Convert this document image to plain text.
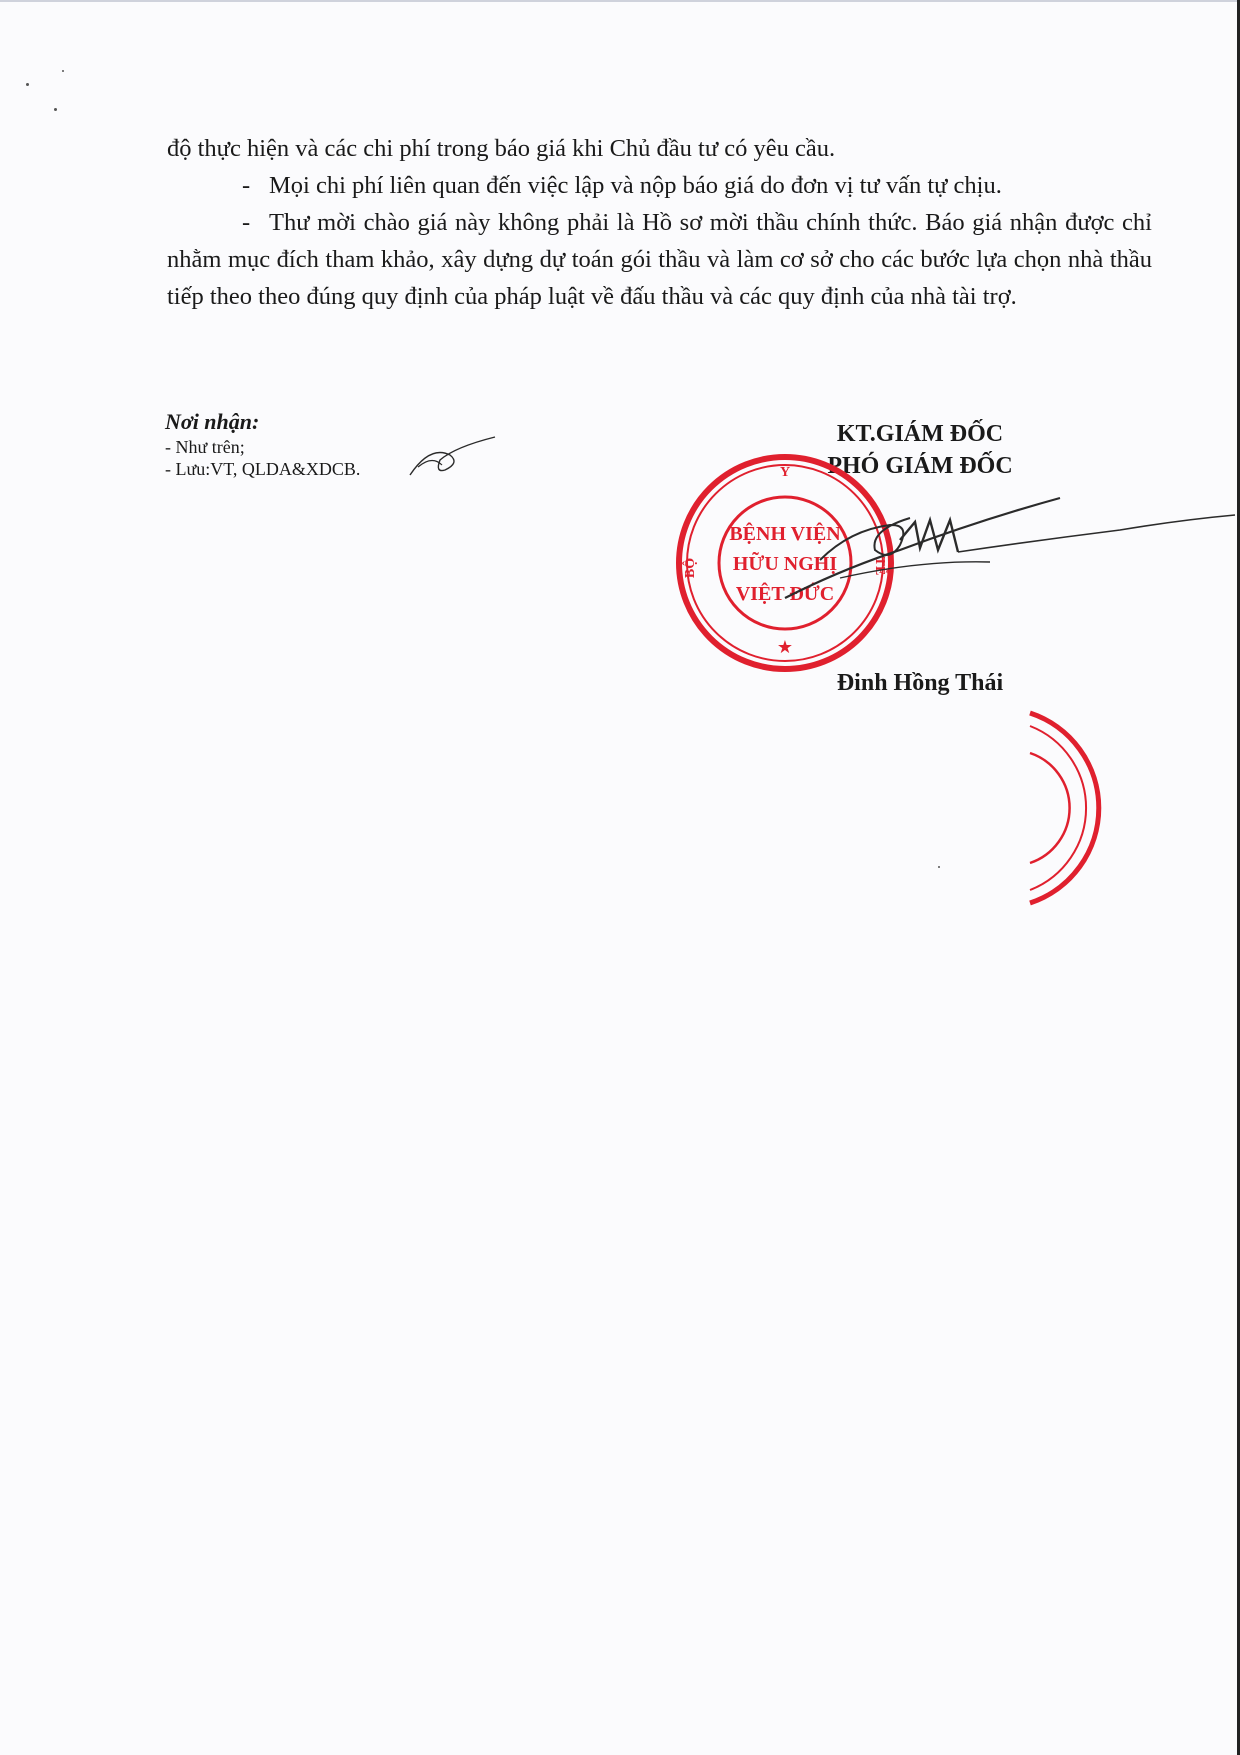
độ thực hiện và các chi phí trong báo giá khi Chủ đầu tư có yêu cầu.

- Mọi chi phí liên quan đến việc lập và nộp báo giá do đơn vị tư vấn tự chịu.

- Thư mời chào giá này không phải là Hồ sơ mời thầu chính thức. Báo giá nhận được chỉ nhằm mục đích tham khảo, xây dựng dự toán gói thầu và làm cơ sở cho các bước lựa chọn nhà thầu tiếp theo theo đúng quy định của pháp luật về đấu thầu và các quy định của nhà tài trợ.

Nơi nhận:
- Như trên;
- Lưu:VT, QLDA&XDCB.
KT.GIÁM ĐỐC
PHÓ GIÁM ĐỐC
Y
BỘ	TẾ
BỆNH VIỆN
HỮU NGHỊ
VIỆT ĐỨC
★
Đinh Hồng Thái
